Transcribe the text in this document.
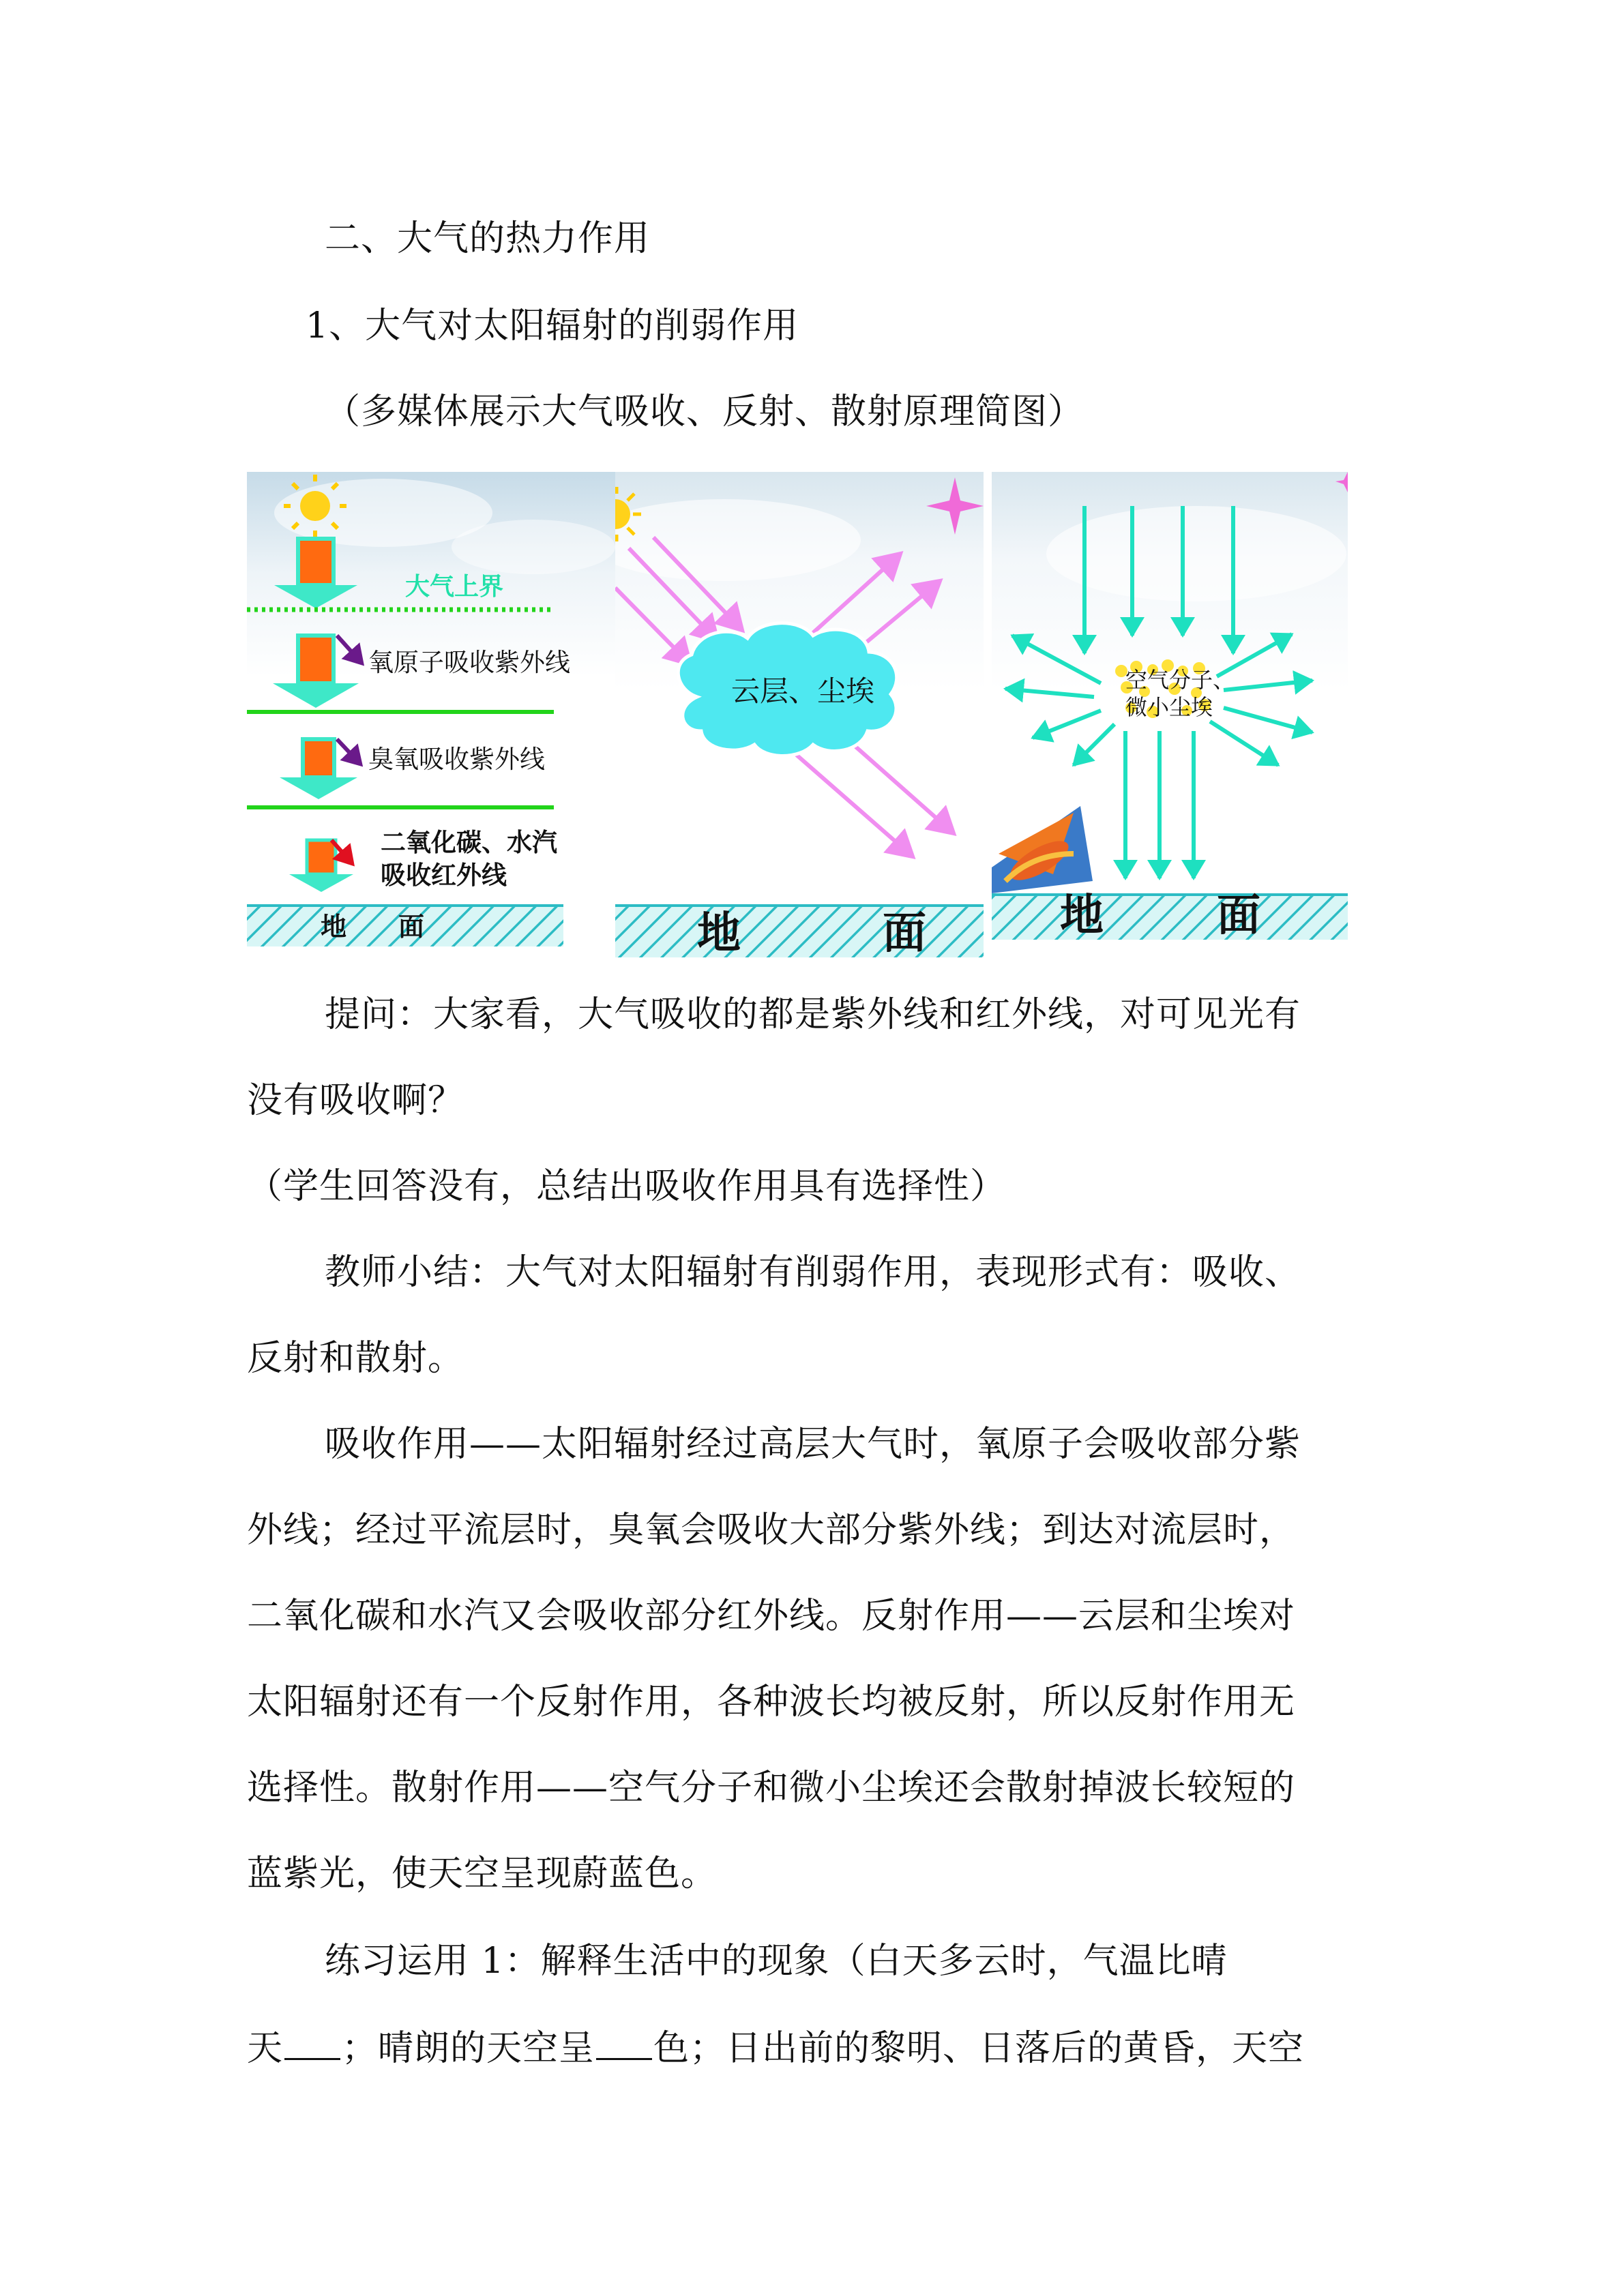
二、大气的热力作用
1、大气对太阳辐射的削弱作用
（多媒体展示大气吸收、反射、散射原理简图）
大气上界
氧原子吸收紫外线
臭氧吸收紫外线
二氧化碳、水汽
吸收红外线
地　　面
云层、尘埃
地	面
空气分子、
微小尘埃
地	面
提问：大家看，大气吸收的都是紫外线和红外线，对可见光有
没有吸收啊？
（学生回答没有，总结出吸收作用具有选择性）
教师小结：大气对太阳辐射有削弱作用，表现形式有：吸收、
反射和散射。
吸收作用——太阳辐射经过高层大气时，氧原子会吸收部分紫
外线；经过平流层时，臭氧会吸收大部分紫外线；到达对流层时，
二氧化碳和水汽又会吸收部分红外线。反射作用——云层和尘埃对
太阳辐射还有一个反射作用，各种波长均被反射，所以反射作用无
选择性。散射作用——空气分子和微小尘埃还会散射掉波长较短的
蓝紫光，使天空呈现蔚蓝色。
练习运用 1：解释生活中的现象（白天多云时，气温比晴
天 ；晴朗的天空呈 色；日出前的黎明、日落后的黄昏，天空
